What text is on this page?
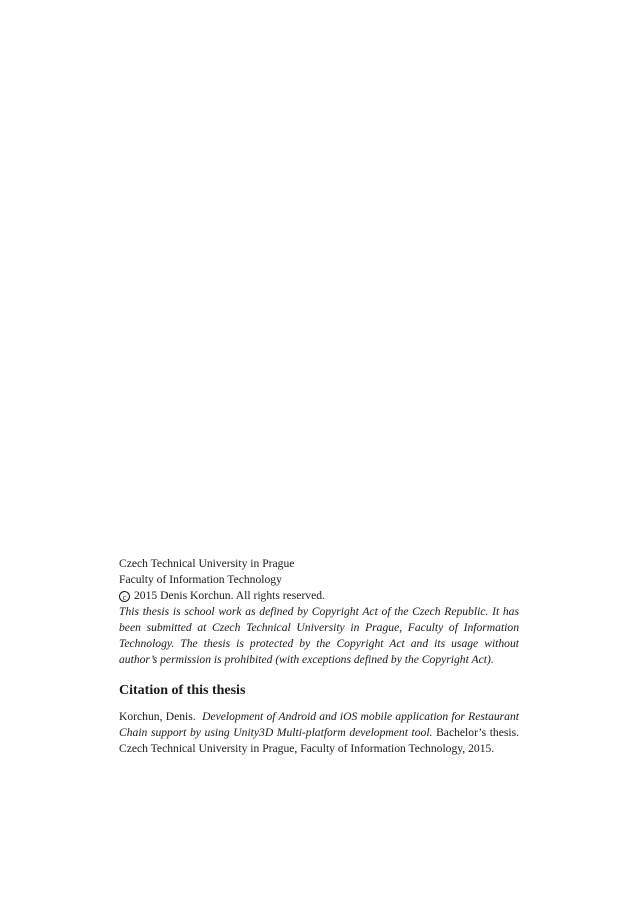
Czech Technical University in Prague
Faculty of Information Technology
c 2015 Denis Korchun. All rights reserved.

This thesis is school work as defined by Copyright Act of the Czech Republic. It has been submitted at Czech Technical University in Prague, Faculty of Information Technology. The thesis is protected by the Copyright Act and its usage without author’s permission is prohibited (with exceptions defined by the Copyright Act).

Citation of this thesis

Korchun, Denis. Development of Android and iOS mobile application for Restaurant Chain support by using Unity3D Multi-platform development tool. Bachelor’s thesis. Czech Technical University in Prague, Faculty of Information Technology, 2015.
